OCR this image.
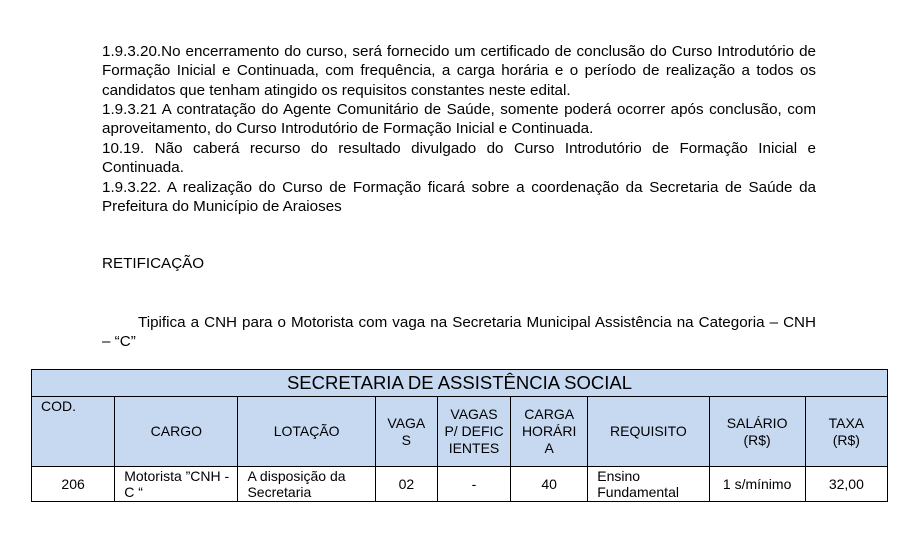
1.9.3.20.No encerramento do curso, será fornecido um certificado de conclusão do Curso Introdutório de Formação Inicial e Continuada, com frequência, a carga horária e o período de realização a todos os candidatos que tenham atingido os requisitos constantes neste edital.

1.9.3.21 A contratação do Agente Comunitário de Saúde, somente poderá ocorrer após conclusão, com aproveitamento, do Curso Introdutório de Formação Inicial e Continuada.

10.19. Não caberá recurso do resultado divulgado do Curso Introdutório de Formação Inicial e Continuada.

1.9.3.22. A realização do Curso de Formação ficará sobre a coordenação da Secretaria de Saúde da Prefeitura do Município de Araioses

RETIFICAÇÃO

Tipifica a CNH para o Motorista com vaga na Secretaria Municipal Assistência na Categoria – CNH – “C”

SECRETARIA DE ASSISTÊNCIA SOCIAL								
COD.	CARGO	LOTAÇÃO	VAGAS	VAGAS P/ DEFICIENTES	CARGA HORÁRIA	REQUISITO	SALÁRIO (R$)	TAXA (R$)
206	Motorista ”CNH - C “	A disposição da Secretaria	02	-	40	Ensino Fundamental	1 s/mínimo	32,00
